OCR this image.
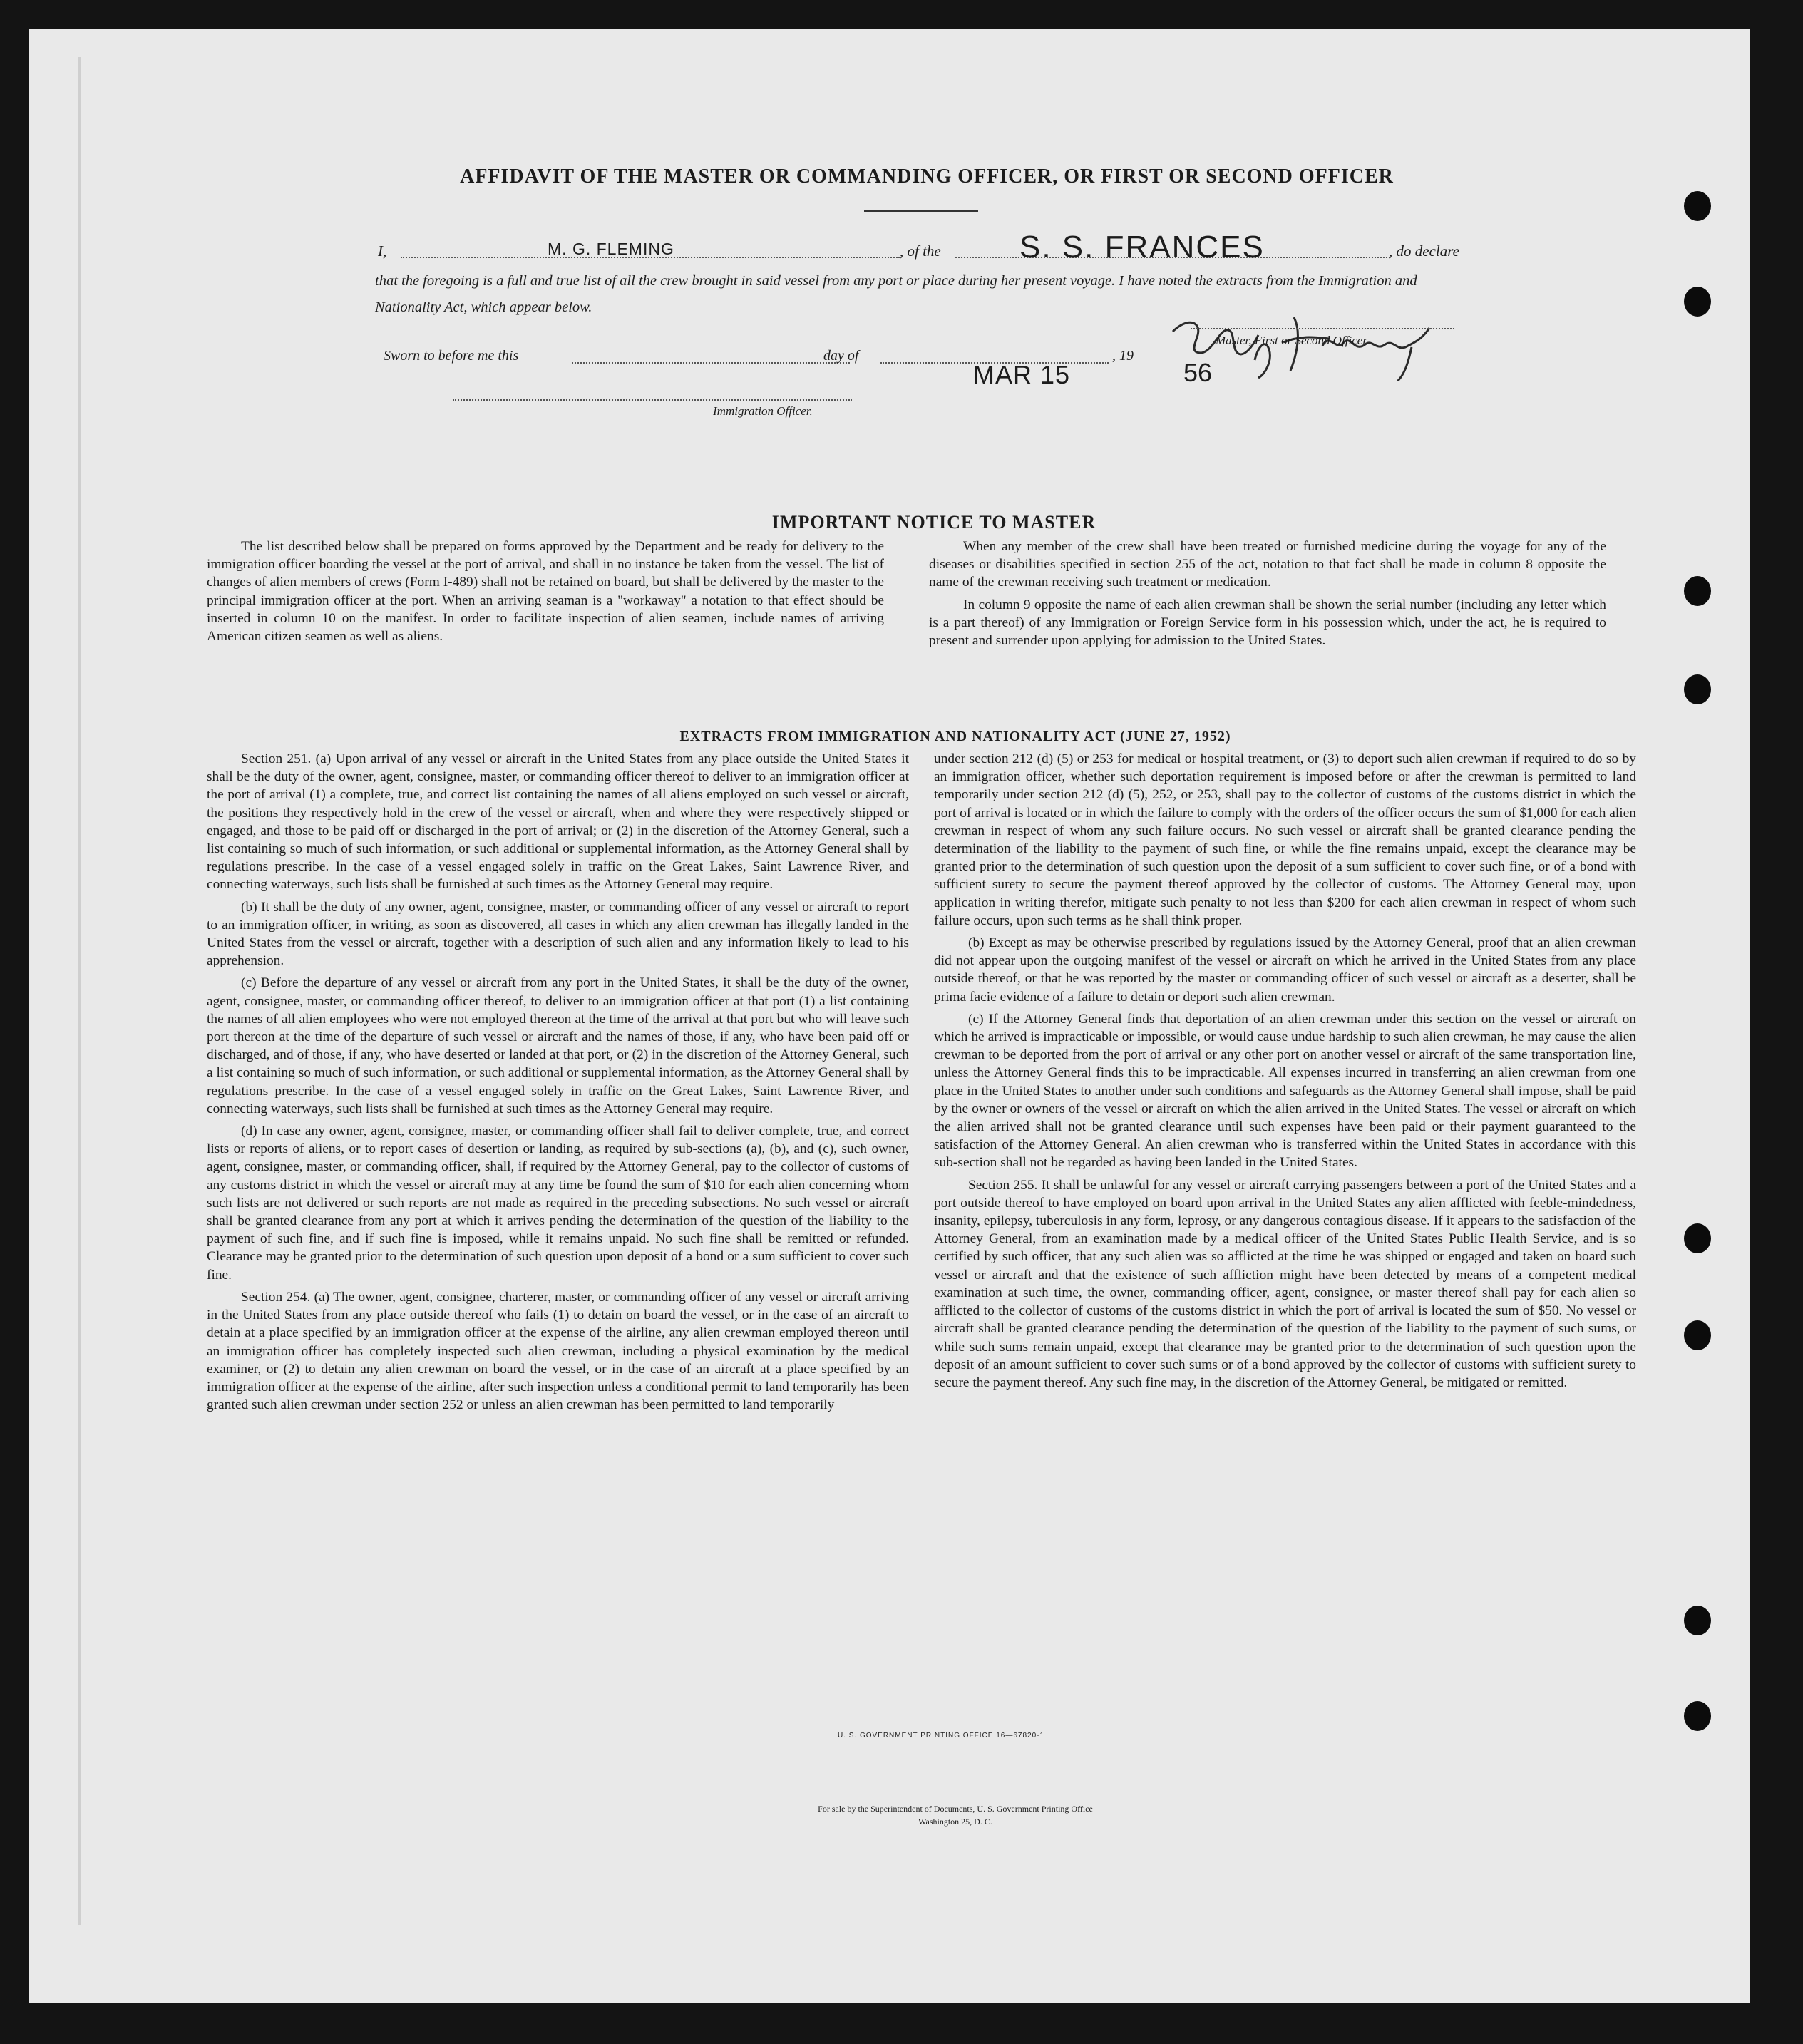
AFFIDAVIT OF THE MASTER OR COMMANDING OFFICER, OR FIRST OR SECOND OFFICER
I,	M. G. FLEMING	, of the	S. S. FRANCES	, do declare
that the foregoing is a full and true list of all the crew brought in said vessel from any port or place during her present voyage. I have noted the extracts from the Immigration and Nationality Act, which appear below.
Sworn to before me this	day of
MAR 15
, 19
56
Master, First or Second Officer.
Immigration Officer.
IMPORTANT NOTICE TO MASTER

The list described below shall be prepared on forms approved by the Department and be ready for delivery to the immigration officer boarding the vessel at the port of arrival, and shall in no instance be taken from the vessel. The list of changes of alien members of crews (Form I-489) shall not be retained on board, but shall be delivered by the master to the principal immigration officer at the port. When an arriving seaman is a "workaway" a notation to that effect should be inserted in column 10 on the manifest. In order to facilitate inspection of alien seamen, include names of arriving American citizen seamen as well as aliens.

When any member of the crew shall have been treated or furnished medicine during the voyage for any of the diseases or disabilities specified in section 255 of the act, notation to that fact shall be made in column 8 opposite the name of the crewman receiving such treatment or medication.

In column 9 opposite the name of each alien crewman shall be shown the serial number (including any letter which is a part thereof) of any Immigration or Foreign Service form in his possession which, under the act, he is required to present and surrender upon applying for admission to the United States.

EXTRACTS FROM IMMIGRATION AND NATIONALITY ACT (JUNE 27, 1952)

Section 251. (a) Upon arrival of any vessel or aircraft in the United States from any place outside the United States it shall be the duty of the owner, agent, consignee, master, or commanding officer thereof to deliver to an immigration officer at the port of arrival (1) a complete, true, and correct list containing the names of all aliens employed on such vessel or aircraft, the positions they respectively hold in the crew of the vessel or aircraft, when and where they were respectively shipped or engaged, and those to be paid off or discharged in the port of arrival; or (2) in the discretion of the Attorney General, such a list containing so much of such information, or such additional or supplemental information, as the Attorney General shall by regulations prescribe. In the case of a vessel engaged solely in traffic on the Great Lakes, Saint Lawrence River, and connecting waterways, such lists shall be furnished at such times as the Attorney General may require.

(b) It shall be the duty of any owner, agent, consignee, master, or commanding officer of any vessel or aircraft to report to an immigration officer, in writing, as soon as discovered, all cases in which any alien crewman has illegally landed in the United States from the vessel or aircraft, together with a description of such alien and any information likely to lead to his apprehension.

(c) Before the departure of any vessel or aircraft from any port in the United States, it shall be the duty of the owner, agent, consignee, master, or commanding officer thereof, to deliver to an immigration officer at that port (1) a list containing the names of all alien employees who were not employed thereon at the time of the arrival at that port but who will leave such port thereon at the time of the departure of such vessel or aircraft and the names of those, if any, who have been paid off or discharged, and of those, if any, who have deserted or landed at that port, or (2) in the discretion of the Attorney General, such a list containing so much of such information, or such additional or supplemental information, as the Attorney General shall by regulations prescribe. In the case of a vessel engaged solely in traffic on the Great Lakes, Saint Lawrence River, and connecting waterways, such lists shall be furnished at such times as the Attorney General may require.

(d) In case any owner, agent, consignee, master, or commanding officer shall fail to deliver complete, true, and correct lists or reports of aliens, or to report cases of desertion or landing, as required by sub-sections (a), (b), and (c), such owner, agent, consignee, master, or commanding officer, shall, if required by the Attorney General, pay to the collector of customs of any customs district in which the vessel or aircraft may at any time be found the sum of $10 for each alien concerning whom such lists are not delivered or such reports are not made as required in the preceding subsections. No such vessel or aircraft shall be granted clearance from any port at which it arrives pending the determination of the question of the liability to the payment of such fine, and if such fine is imposed, while it remains unpaid. No such fine shall be remitted or refunded. Clearance may be granted prior to the determination of such question upon deposit of a bond or a sum sufficient to cover such fine.

Section 254. (a) The owner, agent, consignee, charterer, master, or commanding officer of any vessel or aircraft arriving in the United States from any place outside thereof who fails (1) to detain on board the vessel, or in the case of an aircraft to detain at a place specified by an immigration officer at the expense of the airline, any alien crewman employed thereon until an immigration officer has completely inspected such alien crewman, including a physical examination by the medical examiner, or (2) to detain any alien crewman on board the vessel, or in the case of an aircraft at a place specified by an immigration officer at the expense of the airline, after such inspection unless a conditional permit to land temporarily has been granted such alien crewman under section 252 or unless an alien crewman has been permitted to land temporarily

under section 212 (d) (5) or 253 for medical or hospital treatment, or (3) to deport such alien crewman if required to do so by an immigration officer, whether such deportation requirement is imposed before or after the crewman is permitted to land temporarily under section 212 (d) (5), 252, or 253, shall pay to the collector of customs of the customs district in which the port of arrival is located or in which the failure to comply with the orders of the officer occurs the sum of $1,000 for each alien crewman in respect of whom any such failure occurs. No such vessel or aircraft shall be granted clearance pending the determination of the liability to the payment of such fine, or while the fine remains unpaid, except the clearance may be granted prior to the determination of such question upon the deposit of a sum sufficient to cover such fine, or of a bond with sufficient surety to secure the payment thereof approved by the collector of customs. The Attorney General may, upon application in writing therefor, mitigate such penalty to not less than $200 for each alien crewman in respect of whom such failure occurs, upon such terms as he shall think proper.

(b) Except as may be otherwise prescribed by regulations issued by the Attorney General, proof that an alien crewman did not appear upon the outgoing manifest of the vessel or aircraft on which he arrived in the United States from any place outside thereof, or that he was reported by the master or commanding officer of such vessel or aircraft as a deserter, shall be prima facie evidence of a failure to detain or deport such alien crewman.

(c) If the Attorney General finds that deportation of an alien crewman under this section on the vessel or aircraft on which he arrived is impracticable or impossible, or would cause undue hardship to such alien crewman, he may cause the alien crewman to be deported from the port of arrival or any other port on another vessel or aircraft of the same transportation line, unless the Attorney General finds this to be impracticable. All expenses incurred in transferring an alien crewman from one place in the United States to another under such conditions and safeguards as the Attorney General shall impose, shall be paid by the owner or owners of the vessel or aircraft on which the alien arrived in the United States. The vessel or aircraft on which the alien arrived shall not be granted clearance until such expenses have been paid or their payment guaranteed to the satisfaction of the Attorney General. An alien crewman who is transferred within the United States in accordance with this sub-section shall not be regarded as having been landed in the United States.

Section 255. It shall be unlawful for any vessel or aircraft carrying passengers between a port of the United States and a port outside thereof to have employed on board upon arrival in the United States any alien afflicted with feeble-mindedness, insanity, epilepsy, tuberculosis in any form, leprosy, or any dangerous contagious disease. If it appears to the satisfaction of the Attorney General, from an examination made by a medical officer of the United States Public Health Service, and is so certified by such officer, that any such alien was so afflicted at the time he was shipped or engaged and taken on board such vessel or aircraft and that the existence of such affliction might have been detected by means of a competent medical examination at such time, the owner, commanding officer, agent, consignee, or master thereof shall pay for each alien so afflicted to the collector of customs of the customs district in which the port of arrival is located the sum of $50. No vessel or aircraft shall be granted clearance pending the determination of the question of the liability to the payment of such sums, or while such sums remain unpaid, except that clearance may be granted prior to the determination of such question upon the deposit of an amount sufficient to cover such sums or of a bond approved by the collector of customs with sufficient surety to secure the payment thereof. Any such fine may, in the discretion of the Attorney General, be mitigated or remitted.

U. S. GOVERNMENT PRINTING OFFICE 16—67820-1
For sale by the Superintendent of Documents, U. S. Government Printing Office
Washington 25, D. C.
